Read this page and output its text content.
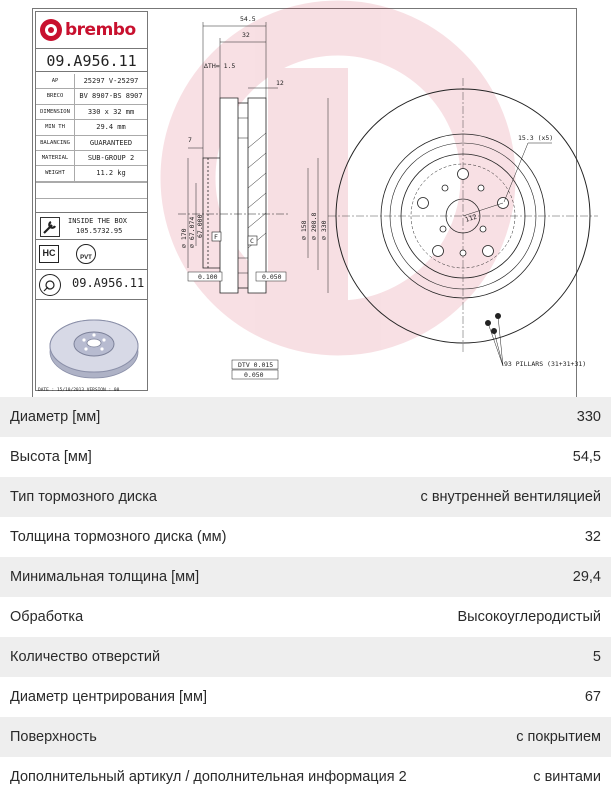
brembo
09.A956.11
AP	25297 V-25297
BRECO	BV 8907-BS 8907
DIMENSION	330 x 32 mm
MIN TH	29.4 mm
BALANCING	GUARANTEED
MATERIAL	SUB-GROUP 2
WEIGHT	11.2 kg
INSIDE THE BOX
105.5732.95
HC	PVT
09.A956.11
DATE : 15/10/2013 VERSION : 00
54.5
32
∆TH= 1.5
12
7
∅ 170 ∅ 67.074 67.000	∅ 158 ∅ 208.8 ∅ 330
F	C
0.100	0.050
DTV 0.015
0.050
112
15.3 (x5)
93 PILLARS (31+31+31)
Диаметр [мм]	330
Высота [мм]	54,5
Тип тормозного диска	с внутренней вентиляцией
Толщина тормозного диска (мм)	32
Минимальная толщина [мм]	29,4
Обработка	Высокоуглеродистый
Количество отверстий	5
Диаметр центрирования [мм]	67
Поверхность	с покрытием
Дополнительный артикул / дополнительная информация 2	с винтами
